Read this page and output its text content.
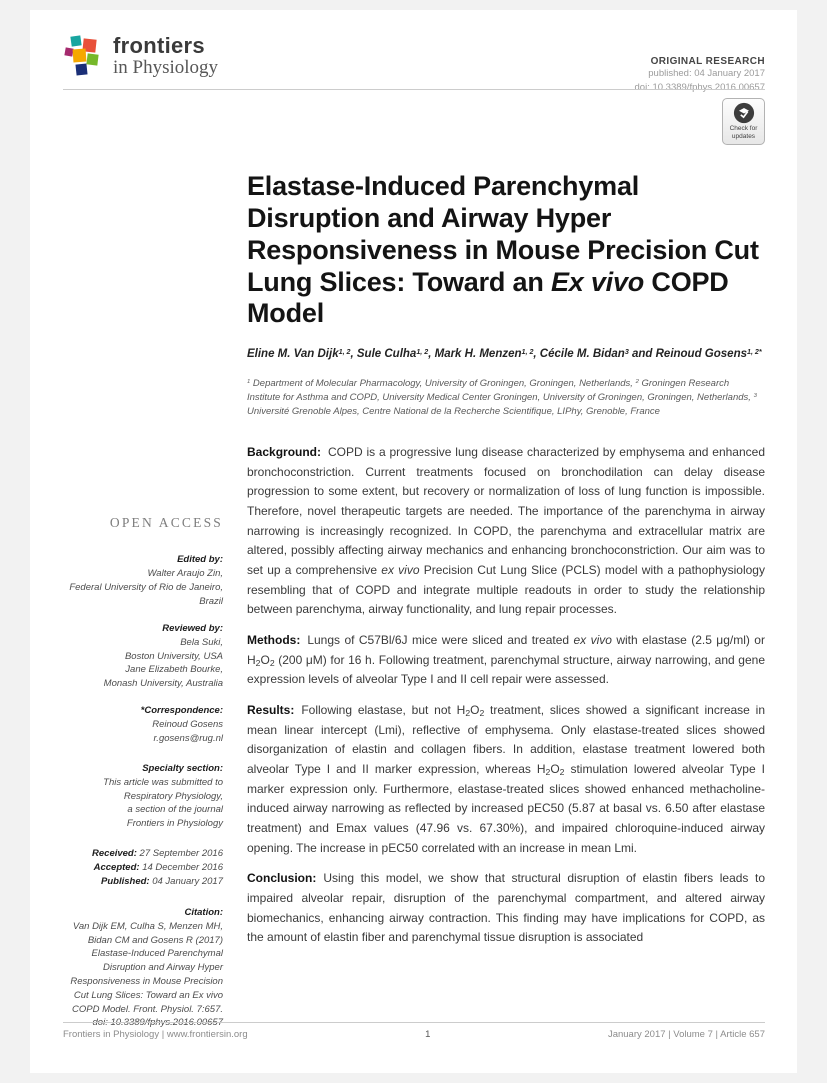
frontiers
in Physiology	ORIGINAL RESEARCH
published: 04 January 2017
doi: 10.3389/fphys.2016.00657
Check for
updates
OPEN ACCESS
Edited by:
Walter Araujo Zin,
Federal University of Rio de Janeiro,
Brazil
Reviewed by:
Bela Suki,
Boston University, USA
Jane Elizabeth Bourke,
Monash University, Australia
*Correspondence:
Reinoud Gosens
r.gosens@rug.nl
Specialty section:
This article was submitted to
Respiratory Physiology,
a section of the journal
Frontiers in Physiology
Received: 27 September 2016
Accepted: 14 December 2016
Published: 04 January 2017
Citation:
Van Dijk EM, Culha S, Menzen MH,
Bidan CM and Gosens R (2017)
Elastase-Induced Parenchymal
Disruption and Airway Hyper
Responsiveness in Mouse Precision
Cut Lung Slices: Toward an Ex vivo
COPD Model. Front. Physiol. 7:657.
doi: 10.3389/fphys.2016.00657
Elastase-Induced Parenchymal Disruption and Airway Hyper Responsiveness in Mouse Precision Cut Lung Slices: Toward an Ex vivo COPD Model
Eline M. Van Dijk$^{1, 2}$, Sule Culha$^{1, 2}$, Mark H. Menzen$^{1, 2}$, Cécile M. Bidan$^3$ and Reinoud Gosens$^{1, 2*}$
$^1$ Department of Molecular Pharmacology, University of Groningen, Groningen, Netherlands, $^2$ Groningen Research Institute for Asthma and COPD, University Medical Center Groningen, University of Groningen, Groningen, Netherlands, $^3$ Université Grenoble Alpes, Centre National de la Recherche Scientifique, LIPhy, Grenoble, France

Background: COPD is a progressive lung disease characterized by emphysema and enhanced bronchoconstriction. Current treatments focused on bronchodilation can delay disease progression to some extent, but recovery or normalization of loss of lung function is impossible. Therefore, novel therapeutic targets are needed. The importance of the parenchyma in airway narrowing is increasingly recognized. In COPD, the parenchyma and extracellular matrix are altered, possibly affecting airway mechanics and enhancing bronchoconstriction. Our aim was to set up a comprehensive ex vivo Precision Cut Lung Slice (PCLS) model with a pathophysiology resembling that of COPD and integrate multiple readouts in order to study the relationship between parenchyma, airway functionality, and lung repair processes.

Methods: Lungs of C57Bl/6J mice were sliced and treated ex vivo with elastase (2.5 μg/ml) or $H_2O_2$ (200 μM) for 16 h. Following treatment, parenchymal structure, airway narrowing, and gene expression levels of alveolar Type I and II cell repair were assessed.

Results: Following elastase, but not $H_2O_2$ treatment, slices showed a significant increase in mean linear intercept (Lmi), reflective of emphysema. Only elastase-treated slices showed disorganization of elastin and collagen fibers. In addition, elastase treatment lowered both alveolar Type I and II marker expression, whereas $H_2O_2$ stimulation lowered alveolar Type I marker expression only. Furthermore, elastase-treated slices showed enhanced methacholine-induced airway narrowing as reflected by increased pEC50 (5.87 at basal vs. 6.50 after elastase treatment) and Emax values (47.96 vs. 67.30%), and impaired chloroquine-induced airway opening. The increase in pEC50 correlated with an increase in mean Lmi.

Conclusion: Using this model, we show that structural disruption of elastin fibers leads to impaired alveolar repair, disruption of the parenchymal compartment, and altered airway biomechanics, enhancing airway contraction. This finding may have implications for COPD, as the amount of elastin fiber and parenchymal tissue disruption is associated

Frontiers in Physiology | www.frontiersin.org	1	January 2017 | Volume 7 | Article 657
